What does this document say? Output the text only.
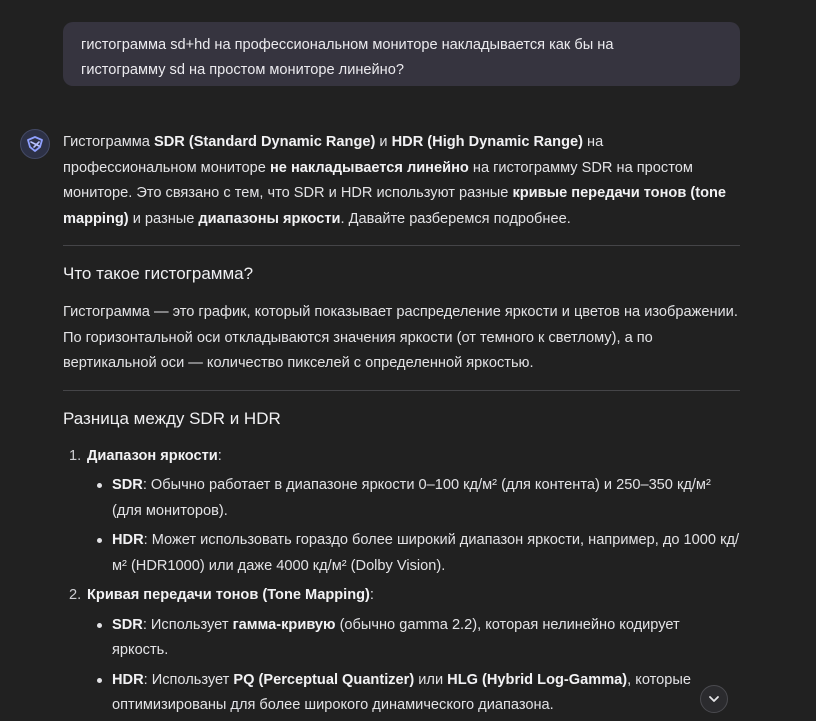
гистограмма sd+hd на профессиональном мониторе накладывается как бы на
гистограмму sd на простом мониторе линейно?

Гистограмма SDR (Standard Dynamic Range) и HDR (High Dynamic Range) на профессиональном мониторе не накладывается линейно на гистограмму SDR на простом мониторе. Это связано с тем, что SDR и HDR используют разные кривые передачи тонов (tone mapping) и разные диапазоны яркости. Давайте разберемся подробнее.

Что такое гистограмма?

Гистограмма — это график, который показывает распределение яркости и цветов на изображении. По горизонтальной оси откладываются значения яркости (от темного к светлому), а по вертикальной оси — количество пикселей с определенной яркостью.

Разница между SDR и HDR
1. Диапазон яркости:
SDR: Обычно работает в диапазоне яркости 0–100 кд/м² (для контента) и 250–350 кд/м² (для мониторов).
HDR: Может использовать гораздо более широкий диапазон яркости, например, до 1000 кд/м² (HDR1000) или даже 4000 кд/м² (Dolby Vision).
2. Кривая передачи тонов (Tone Mapping):
SDR: Использует гамма-кривую (обычно gamma 2.2), которая нелинейно кодирует яркость.
HDR: Использует PQ (Perceptual Quantizer) или HLG (Hybrid Log-Gamma), которые оптимизированы для более широкого динамического диапазона.
